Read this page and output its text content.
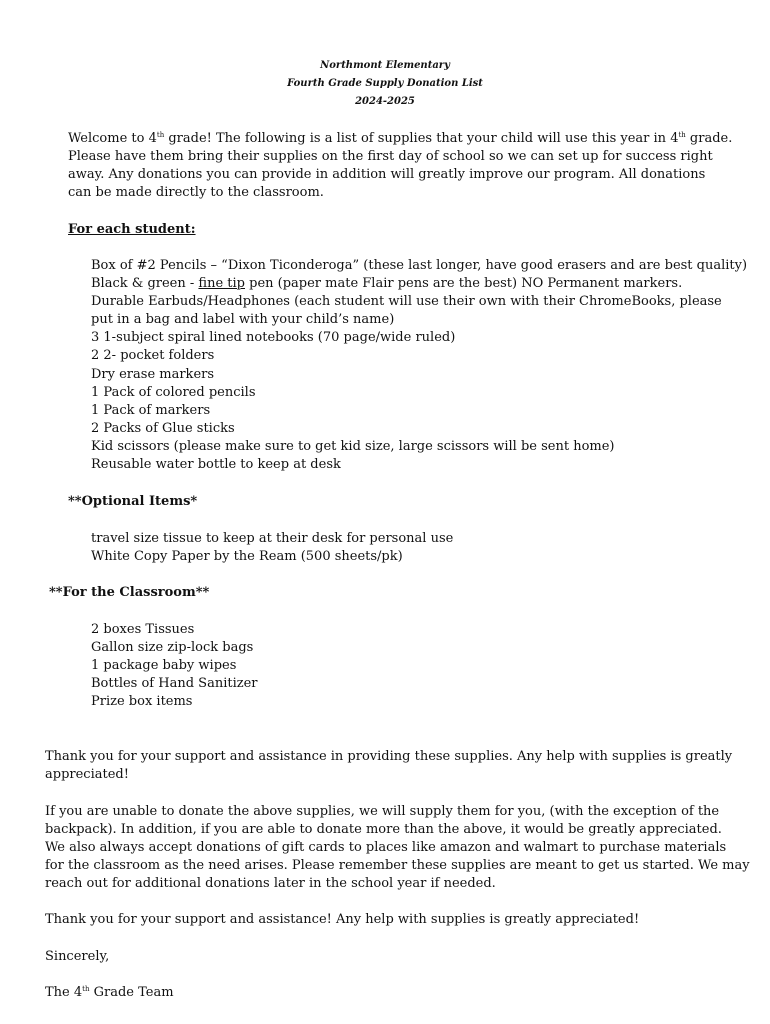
Northmont Elementary
Fourth Grade Supply Donation List
2024-2025
Welcome to 4th grade! The following is a list of supplies that your child will use this year in 4th grade.
Please have them bring their supplies on the first day of school so we can set up for success right
away. Any donations you can provide in addition will greatly improve our program. All donations
can be made directly to the classroom.
For each student:
Box of #2 Pencils – “Dixon Ticonderoga” (these last longer, have good erasers and are best quality)
Black & green - fine tip pen (paper mate Flair pens are the best) NO Permanent markers.
Durable Earbuds/Headphones (each student will use their own with their ChromeBooks, please
put in a bag and label with your child’s name)
3 1-subject spiral lined notebooks (70 page/wide ruled)
2 2- pocket folders
Dry erase markers
1 Pack of colored pencils
1 Pack of markers
2 Packs of Glue sticks
Kid scissors (please make sure to get kid size, large scissors will be sent home)
Reusable water bottle to keep at desk
**Optional Items*
travel size tissue to keep at their desk for personal use
White Copy Paper by the Ream (500 sheets/pk)
**For the Classroom**
2 boxes Tissues
Gallon size zip-lock bags
1 package baby wipes
Bottles of Hand Sanitizer
Prize box items
Thank you for your support and assistance in providing these supplies. Any help with supplies is greatly
appreciated!
If you are unable to donate the above supplies, we will supply them for you, (with the exception of the
backpack). In addition, if you are able to donate more than the above, it would be greatly appreciated.
We also always accept donations of gift cards to places like amazon and walmart to purchase materials
for the classroom as the need arises. Please remember these supplies are meant to get us started. We may
reach out for additional donations later in the school year if needed.
Thank you for your support and assistance! Any help with supplies is greatly appreciated!
Sincerely,
The 4th Grade Team
